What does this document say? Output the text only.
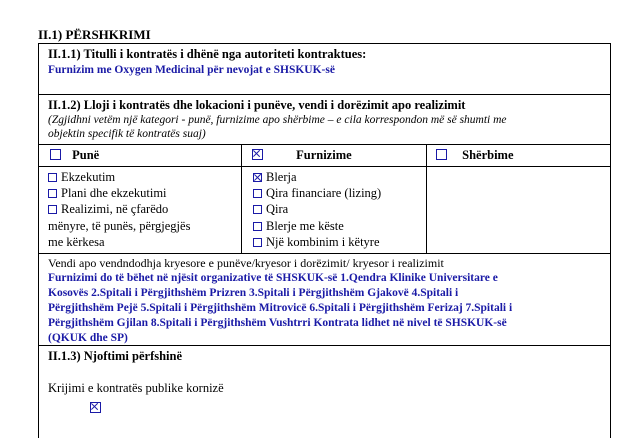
II.1) PËRSHKRIMI
II.1.1) Titulli i kontratës i dhënë nga autoriteti kontraktues:
Furnizim me Oxygen Medicinal për nevojat e SHSKUK-së
II.1.2) Lloji i kontratës dhe lokacioni i punëve, vendi i dorëzimit apo realizimit
(Zgjidhni vetëm një kategori - punë, furnizime apo shërbime – e cila korrespondon më së shumti me
objektin specifik të kontratës suaj)
Punë	Furnizime	Shërbime
Ekzekutim
Plani dhe ekzekutimi
Realizimi, në çfarëdo
mënyre, të punës, përgjegjës
me kërkesa
Blerja
Qira financiare (lizing)
Qira
Blerje me këste
Një kombinim i këtyre
Vendi apo vendndodhja kryesore e punëve/kryesor i dorëzimit/ kryesor i realizimit
Furnizimi do të bëhet në njësit organizative të SHSKUK-së 1.Qendra Klinike Universitare e
Kosovës 2.Spitali i Përgjithshëm Prizren 3.Spitali i Përgjithshëm Gjakovë 4.Spitali i
Përgjithshëm Pejë 5.Spitali i Përgjithshëm Mitrovicë 6.Spitali i Përgjithshëm Ferizaj 7.Spitali i
Përgjithshëm Gjilan 8.Spitali i Përgjithshëm Vushtrri Kontrata lidhet në nivel të SHSKUK-së
(QKUK dhe SP)
II.1.3) Njoftimi përfshinë
Krijimi e kontratës publike kornizë
